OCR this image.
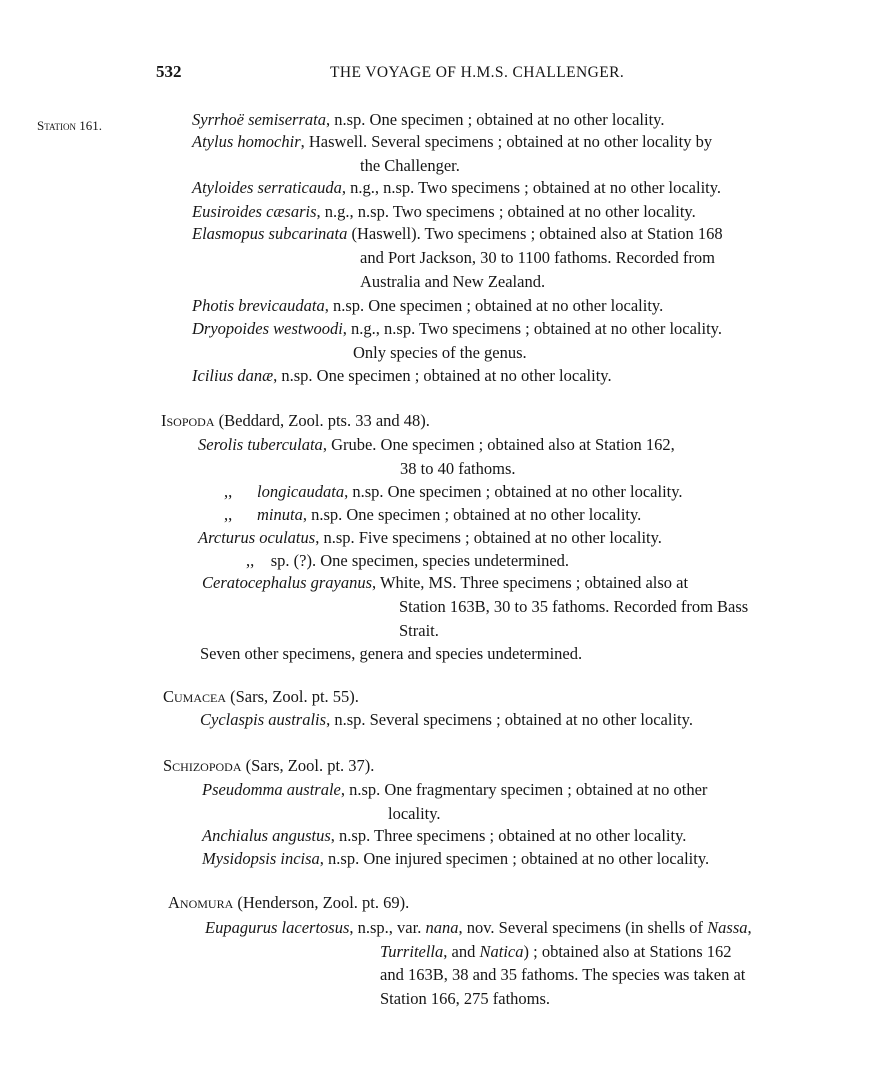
532	THE VOYAGE OF H.M.S. CHALLENGER.
Station 161.	Syrrhoë semiserrata, n.sp. One specimen ; obtained at no other locality.
Atylus homochir, Haswell. Several specimens ; obtained at no other locality by
the Challenger.
Atyloides serraticauda, n.g., n.sp. Two specimens ; obtained at no other locality.
Eusiroides cæsaris, n.g., n.sp. Two specimens ; obtained at no other locality.
Elasmopus subcarinata (Haswell). Two specimens ; obtained also at Station 168
and Port Jackson, 30 to 1100 fathoms. Recorded from
Australia and New Zealand.
Photis brevicaudata, n.sp. One specimen ; obtained at no other locality.
Dryopoides westwoodi, n.g., n.sp. Two specimens ; obtained at no other locality.
Only species of the genus.
Icilius danæ, n.sp. One specimen ; obtained at no other locality.
Isopoda (Beddard, Zool. pts. 33 and 48).
Serolis tuberculata, Grube. One specimen ; obtained also at Station 162,
38 to 40 fathoms.
,, longicaudata, n.sp. One specimen ; obtained at no other locality.
,, minuta, n.sp. One specimen ; obtained at no other locality.
Arcturus oculatus, n.sp. Five specimens ; obtained at no other locality.
,, sp. (?). One specimen, species undetermined.
Ceratocephalus grayanus, White, MS. Three specimens ; obtained also at
Station 163B, 30 to 35 fathoms. Recorded from Bass
Strait.
Seven other specimens, genera and species undetermined.
Cumacea (Sars, Zool. pt. 55).
Cyclaspis australis, n.sp. Several specimens ; obtained at no other locality.
Schizopoda (Sars, Zool. pt. 37).
Pseudomma australe, n.sp. One fragmentary specimen ; obtained at no other
locality.
Anchialus angustus, n.sp. Three specimens ; obtained at no other locality.
Mysidopsis incisa, n.sp. One injured specimen ; obtained at no other locality.
Anomura (Henderson, Zool. pt. 69).
Eupagurus lacertosus, n.sp., var. nana, nov. Several specimens (in shells of Nassa,
Turritella, and Natica) ; obtained also at Stations 162
and 163B, 38 and 35 fathoms. The species was taken at
Station 166, 275 fathoms.
